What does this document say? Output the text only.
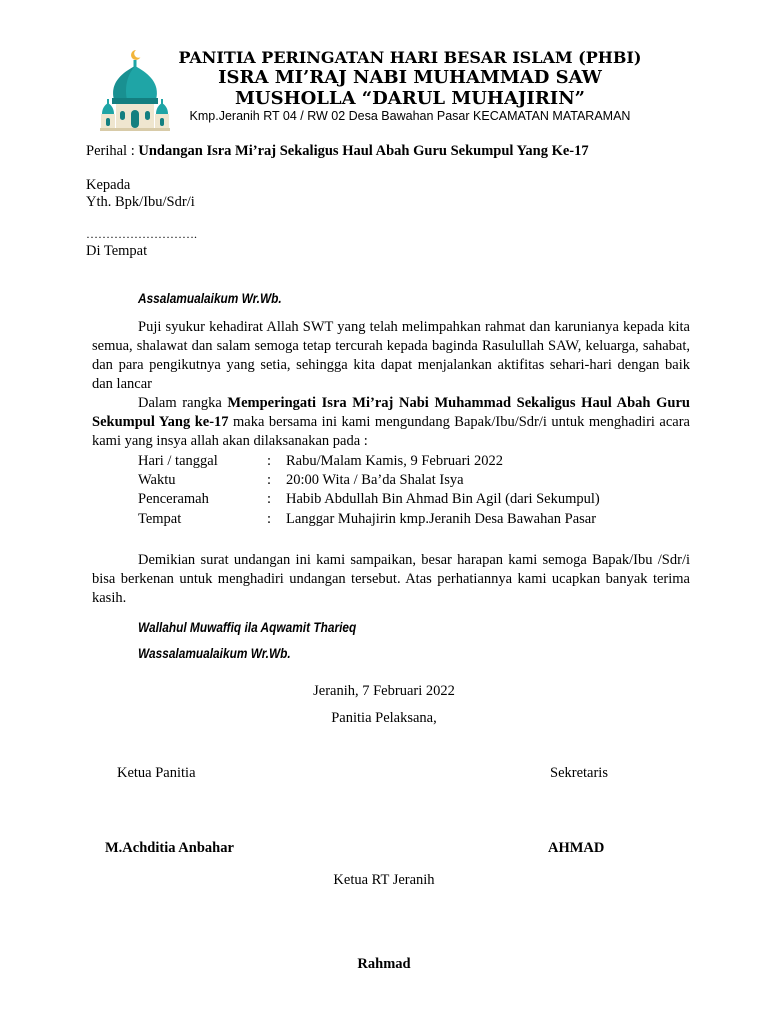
PANITIA PERINGATAN HARI BESAR ISLAM (PHBI)
ISRA MI’RAJ NABI MUHAMMAD SAW
MUSHOLLA “DARUL MUHAJIRIN”
Kmp.Jeranih RT 04 / RW 02 Desa Bawahan Pasar KECAMATAN MATARAMAN
Perihal : Undangan Isra Mi’raj Sekaligus Haul Abah Guru Sekumpul Yang Ke-17
Kepada
Yth. Bpk/Ibu/Sdr/i
……………………….
Di Tempat
Assalamualaikum Wr.Wb.
Puji syukur kehadirat Allah SWT yang telah melimpahkan rahmat dan karunianya kepada kita semua, shalawat dan salam semoga tetap tercurah kepada baginda Rasulullah SAW, keluarga, sahabat, dan para pengikutnya yang setia, sehingga kita dapat menjalankan aktifitas sehari-hari dengan baik dan lancar
Dalam rangka Memperingati Isra Mi’raj Nabi Muhammad Sekaligus Haul Abah Guru Sekumpul Yang ke-17 maka bersama ini kami mengundang Bapak/Ibu/Sdr/i untuk menghadiri acara kami yang insya allah akan dilaksanakan pada :
Hari / tanggal	: Rabu/Malam Kamis, 9 Februari 2022
Waktu	: 20:00 Wita / Ba’da Shalat Isya
Penceramah	: Habib Abdullah Bin Ahmad Bin Agil (dari Sekumpul)
Tempat	: Langgar Muhajirin kmp.Jeranih Desa Bawahan Pasar
Demikian surat undangan ini kami sampaikan, besar harapan kami semoga Bapak/Ibu /Sdr/i bisa berkenan untuk menghadiri undangan tersebut. Atas perhatiannya kami ucapkan banyak terima kasih.
Wallahul Muwaffiq ila Aqwamit Tharieq
Wassalamualaikum Wr.Wb.
Jeranih, 7 Februari 2022
Panitia Pelaksana,
Ketua Panitia	Sekretaris
M.Achditia Anbahar	AHMAD
Ketua RT Jeranih
Rahmad
